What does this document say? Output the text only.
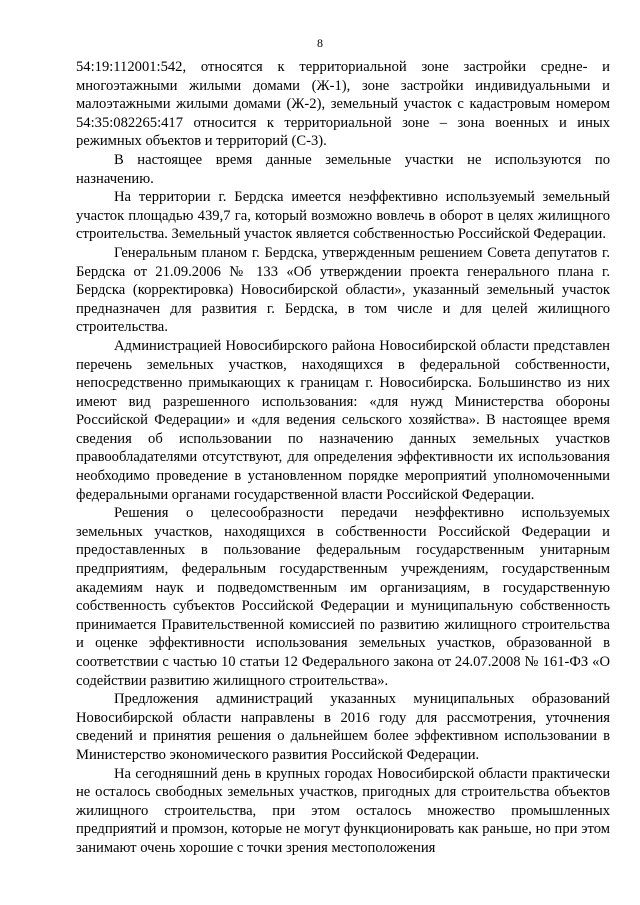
8

54:19:112001:542, относятся к территориальной зоне застройки средне- и многоэтажными жилыми домами (Ж-1), зоне застройки индивидуальными и малоэтажными жилыми домами (Ж-2), земельный участок с кадастровым номером 54:35:082265:417 относится к территориальной зоне – зона военных и иных режимных объектов и территорий (С-3).

В настоящее время данные земельные участки не используются по назначению.

На территории г. Бердска имеется неэффективно используемый земельный участок площадью 439,7 га, который возможно вовлечь в оборот в целях жилищного строительства. Земельный участок является собственностью Российской Федерации.

Генеральным планом г. Бердска, утвержденным решением Совета депутатов г. Бердска от 21.09.2006 № 133 «Об утверждении проекта генерального плана г. Бердска (корректировка) Новосибирской области», указанный земельный участок предназначен для развития г. Бердска, в том числе и для целей жилищного строительства.

Администрацией Новосибирского района Новосибирской области представлен перечень земельных участков, находящихся в федеральной собственности, непосредственно примыкающих к границам г. Новосибирска. Большинство из них имеют вид разрешенного использования: «для нужд Министерства обороны Российской Федерации» и «для ведения сельского хозяйства». В настоящее время сведения об использовании по назначению данных земельных участков правообладателями отсутствуют, для определения эффективности их использования необходимо проведение в установленном порядке мероприятий уполномоченными федеральными органами государственной власти Российской Федерации.

Решения о целесообразности передачи неэффективно используемых земельных участков, находящихся в собственности Российской Федерации и предоставленных в пользование федеральным государственным унитарным предприятиям, федеральным государственным учреждениям, государственным академиям наук и подведомственным им организациям, в государственную собственность субъектов Российской Федерации и муниципальную собственность принимается Правительственной комиссией по развитию жилищного строительства и оценке эффективности использования земельных участков, образованной в соответствии с частью 10 статьи 12 Федерального закона от 24.07.2008 № 161-ФЗ «О содействии развитию жилищного строительства».

Предложения администраций указанных муниципальных образований Новосибирской области направлены в 2016 году для рассмотрения, уточнения сведений и принятия решения о дальнейшем более эффективном использовании в Министерство экономического развития Российской Федерации.

На сегодняшний день в крупных городах Новосибирской области практически не осталось свободных земельных участков, пригодных для строительства объектов жилищного строительства, при этом осталось множество промышленных предприятий и промзон, которые не могут функционировать как раньше, но при этом занимают очень хорошие с точки зрения местоположения
